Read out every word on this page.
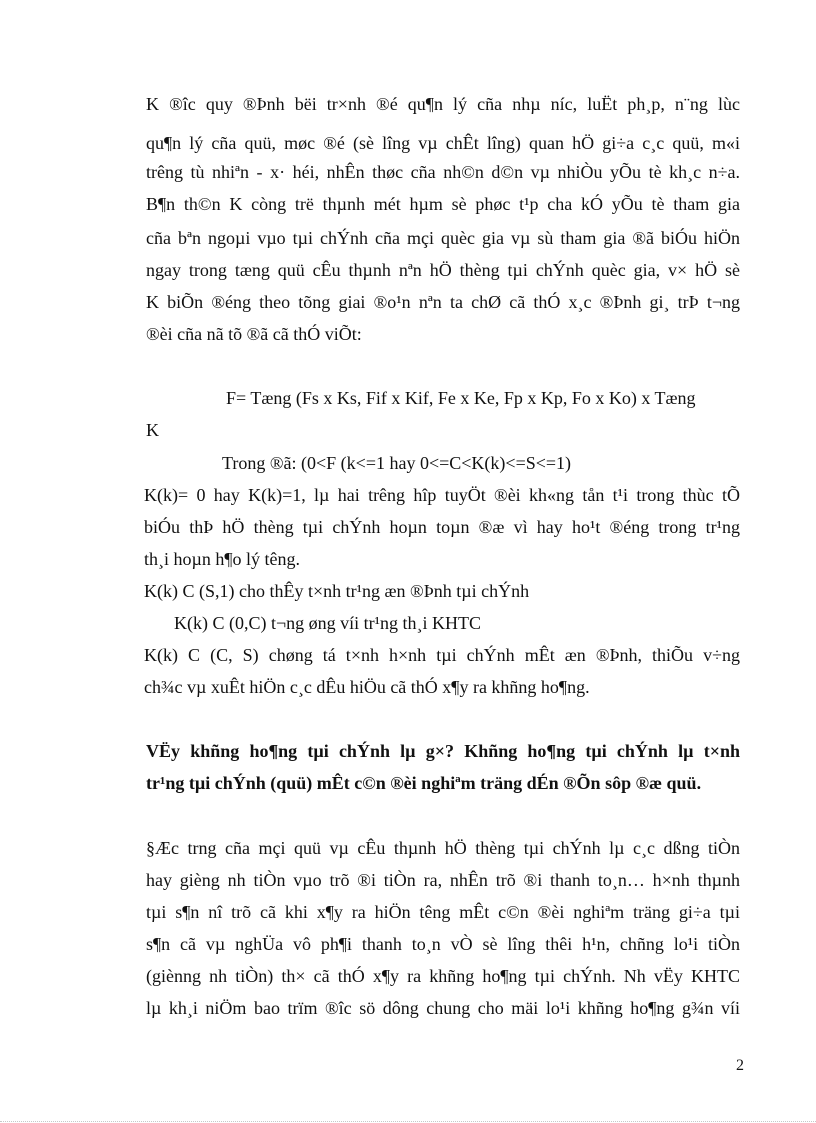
K ®îc quy ®Þnh bëi tr×nh ®é qu¶n lý cña nhµ níc, luËt ph¸p, n¨ng lùc
qu¶n lý cña quü, møc ®é (sè lîng vµ chÊt lîng) quan hÖ gi÷a c¸c quü, m«i
trêng tù nhiªn - x· héi, nhÊn thøc cña nh©n d©n vµ nhiÒu yÕu tè kh¸c n÷a.
B¶n th©n K còng trë thµnh mét hµm sè phøc t¹p cha kÓ yÕu tè tham gia
cña bªn ngoµi vµo tµi chÝnh cña mçi quèc gia vµ sù tham gia ®ã biÓu hiÖn
ngay trong tæng quü cÊu thµnh nªn hÖ thèng tµi chÝnh quèc gia, v× hÖ sè
K biÕn ®éng theo tõng giai ®o¹n nªn ta chØ cã thÓ x¸c ®Þnh gi¸ trÞ t¬ng
®èi cña nã tõ ®ã cã thÓ viÕt:
F= Tæng (Fs x Ks, Fif x Kif, Fe x Ke, Fp x Kp, Fo x Ko) x Tæng
K
Trong ®ã: (0<F (k<=1 hay 0<=C<K(k)<=S<=1)
K(k)= 0 hay K(k)=1, lµ hai trêng hîp tuyÖt ®èi kh«ng tån t¹i trong thùc tÕ
biÓu thÞ hÖ thèng tµi chÝnh hoµn toµn ®æ vì hay ho¹t ®éng trong tr¹ng
th¸i hoµn h¶o lý têng.
K(k) C (S,1) cho thÊy t×nh tr¹ng æn ®Þnh tµi chÝnh
K(k) C (0,C) t¬ng øng víi tr¹ng th¸i KHTC
K(k) C (C, S) chøng tá t×nh h×nh tµi chÝnh mÊt æn ®Þnh, thiÕu v÷ng
ch¾c vµ xuÊt hiÖn c¸c dÊu hiÖu cã thÓ x¶y ra khñng ho¶ng.
VËy khñng ho¶ng tµi chÝnh lµ g×? Khñng ho¶ng tµi chÝnh lµ t×nh
tr¹ng tµi chÝnh (quü) mÊt c©n ®èi nghiªm träng dÉn ®Õn sôp ®æ quü.
§Æc trng cña mçi quü vµ cÊu thµnh hÖ thèng tµi chÝnh lµ c¸c dßng tiÒn
hay gièng nh tiÒn vµo trõ ®i tiÒn ra, nhÊn trõ ®i thanh to¸n… h×nh thµnh
tµi s¶n nî trõ cã khi x¶y ra hiÖn têng mÊt c©n ®èi nghiªm träng gi÷a tµi
s¶n cã vµ nghÜa vô ph¶i thanh to¸n vÒ sè lîng thêi h¹n, chñng lo¹i tiÒn
(giènng nh tiÒn) th× cã thÓ x¶y ra khñng ho¶ng tµi chÝnh. Nh vËy KHTC
lµ kh¸i niÖm bao trïm ®îc sö dông chung cho mäi lo¹i khñng ho¶ng g¾n víi
2
